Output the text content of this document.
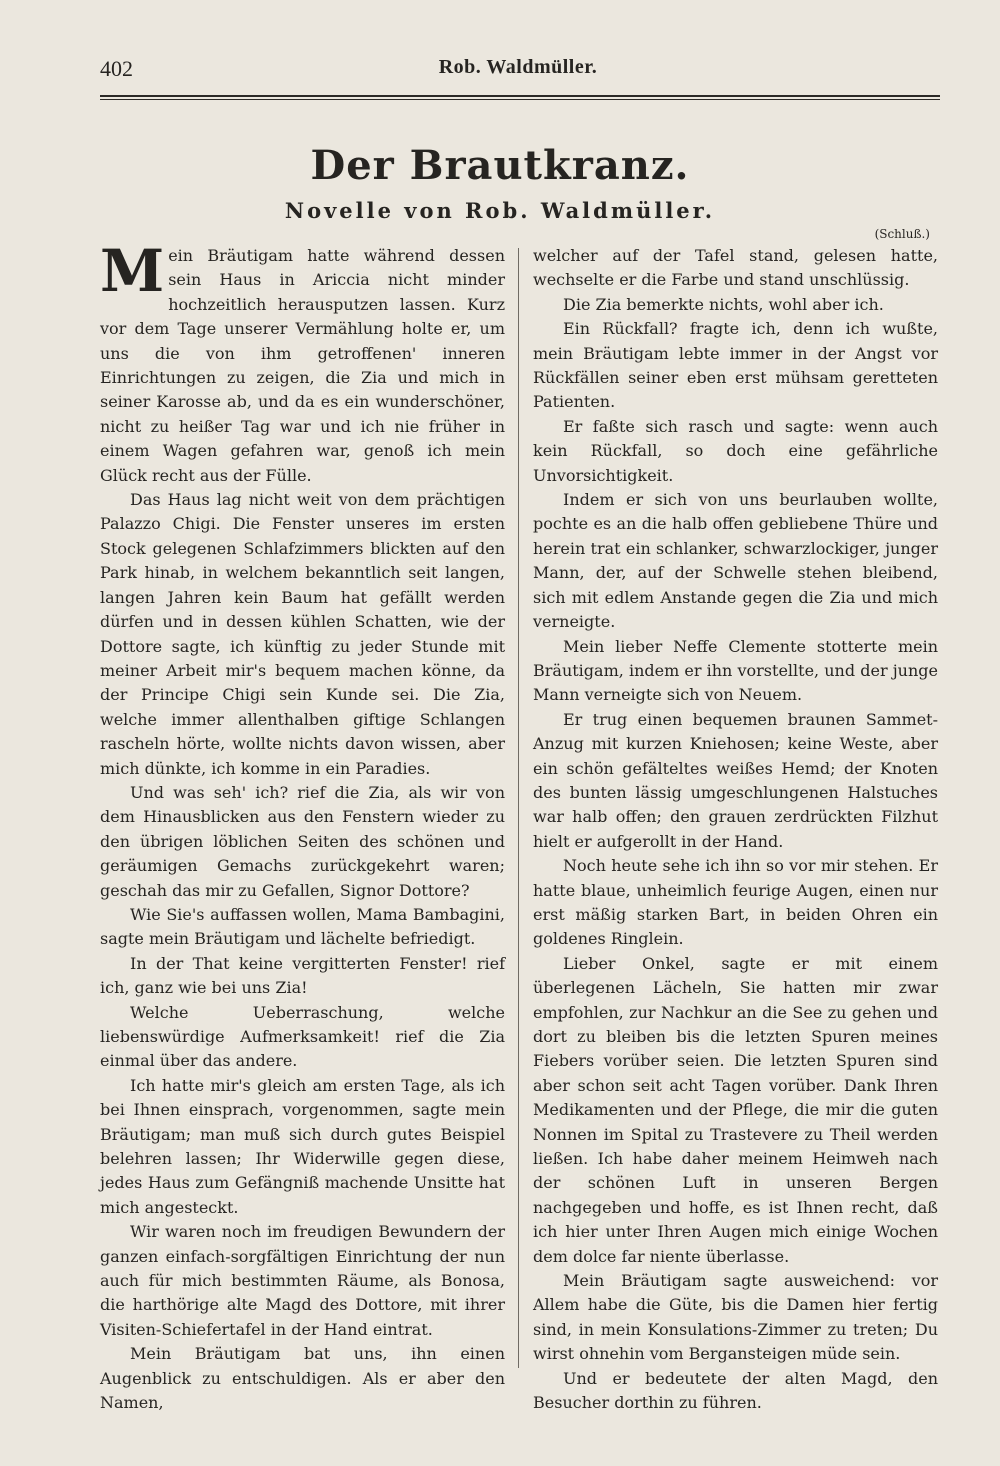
402	Rob. Waldmüller.
Der Brautkranz.
Novelle von Rob. Waldmüller.

Mein Bräutigam hatte während dessen sein Haus in Ariccia nicht minder hochzeitlich herausputzen lassen. Kurz vor dem Tage unserer Vermählung holte er, um uns die von ihm getroffenen' inneren Einrichtungen zu zeigen, die Zia und mich in seiner Karosse ab, und da es ein wunderschöner, nicht zu heißer Tag war und ich nie früher in einem Wagen gefahren war, genoß ich mein Glück recht aus der Fülle.

Das Haus lag nicht weit von dem prächtigen Palazzo Chigi. Die Fenster unseres im ersten Stock gelegenen Schlafzimmers blickten auf den Park hinab, in welchem bekanntlich seit langen, langen Jahren kein Baum hat gefällt werden dürfen und in dessen kühlen Schatten, wie der Dottore sagte, ich künftig zu jeder Stunde mit meiner Arbeit mir's bequem machen könne, da der Principe Chigi sein Kunde sei. Die Zia, welche immer allenthalben giftige Schlangen rascheln hörte, wollte nichts davon wissen, aber mich dünkte, ich komme in ein Paradies.

Und was seh' ich? rief die Zia, als wir von dem Hinausblicken aus den Fenstern wieder zu den übrigen löblichen Seiten des schönen und geräumigen Gemachs zurückgekehrt waren; geschah das mir zu Gefallen, Signor Dottore?

Wie Sie's auffassen wollen, Mama Bambagini, sagte mein Bräutigam und lächelte befriedigt.

In der That keine vergitterten Fenster! rief ich, ganz wie bei uns Zia!

Welche Ueberraschung, welche liebenswürdige Aufmerksamkeit! rief die Zia einmal über das andere.

Ich hatte mir's gleich am ersten Tage, als ich bei Ihnen einsprach, vorgenommen, sagte mein Bräutigam; man muß sich durch gutes Beispiel belehren lassen; Ihr Widerwille gegen diese, jedes Haus zum Gefängniß machende Unsitte hat mich angesteckt.

Wir waren noch im freudigen Bewundern der ganzen einfach-sorgfältigen Einrichtung der nun auch für mich bestimmten Räume, als Bonosa, die harthörige alte Magd des Dottore, mit ihrer Visiten-Schiefertafel in der Hand eintrat.

Mein Bräutigam bat uns, ihn einen Augenblick zu entschuldigen. Als er aber den Namen,

(Schluß.)

welcher auf der Tafel stand, gelesen hatte, wechselte er die Farbe und stand unschlüssig.

Die Zia bemerkte nichts, wohl aber ich.

Ein Rückfall? fragte ich, denn ich wußte, mein Bräutigam lebte immer in der Angst vor Rückfällen seiner eben erst mühsam geretteten Patienten.

Er faßte sich rasch und sagte: wenn auch kein Rückfall, so doch eine gefährliche Unvorsichtigkeit.

Indem er sich von uns beurlauben wollte, pochte es an die halb offen gebliebene Thüre und herein trat ein schlanker, schwarzlockiger, junger Mann, der, auf der Schwelle stehen bleibend, sich mit edlem Anstande gegen die Zia und mich verneigte.

Mein lieber Neffe Clemente stotterte mein Bräutigam, indem er ihn vorstellte, und der junge Mann verneigte sich von Neuem.

Er trug einen bequemen braunen Sammet-Anzug mit kurzen Kniehosen; keine Weste, aber ein schön gefälteltes weißes Hemd; der Knoten des bunten lässig umgeschlungenen Halstuches war halb offen; den grauen zerdrückten Filzhut hielt er aufgerollt in der Hand.

Noch heute sehe ich ihn so vor mir stehen. Er hatte blaue, unheimlich feurige Augen, einen nur erst mäßig starken Bart, in beiden Ohren ein goldenes Ringlein.

Lieber Onkel, sagte er mit einem überlegenen Lächeln, Sie hatten mir zwar empfohlen, zur Nachkur an die See zu gehen und dort zu bleiben bis die letzten Spuren meines Fiebers vorüber seien. Die letzten Spuren sind aber schon seit acht Tagen vorüber. Dank Ihren Medikamenten und der Pflege, die mir die guten Nonnen im Spital zu Trastevere zu Theil werden ließen. Ich habe daher meinem Heimweh nach der schönen Luft in unseren Bergen nachgegeben und hoffe, es ist Ihnen recht, daß ich hier unter Ihren Augen mich einige Wochen dem dolce far niente überlasse.

Mein Bräutigam sagte ausweichend: vor Allem habe die Güte, bis die Damen hier fertig sind, in mein Konsulations-Zimmer zu treten; Du wirst ohnehin vom Bergansteigen müde sein.

Und er bedeutete der alten Magd, den Besucher dorthin zu führen.
